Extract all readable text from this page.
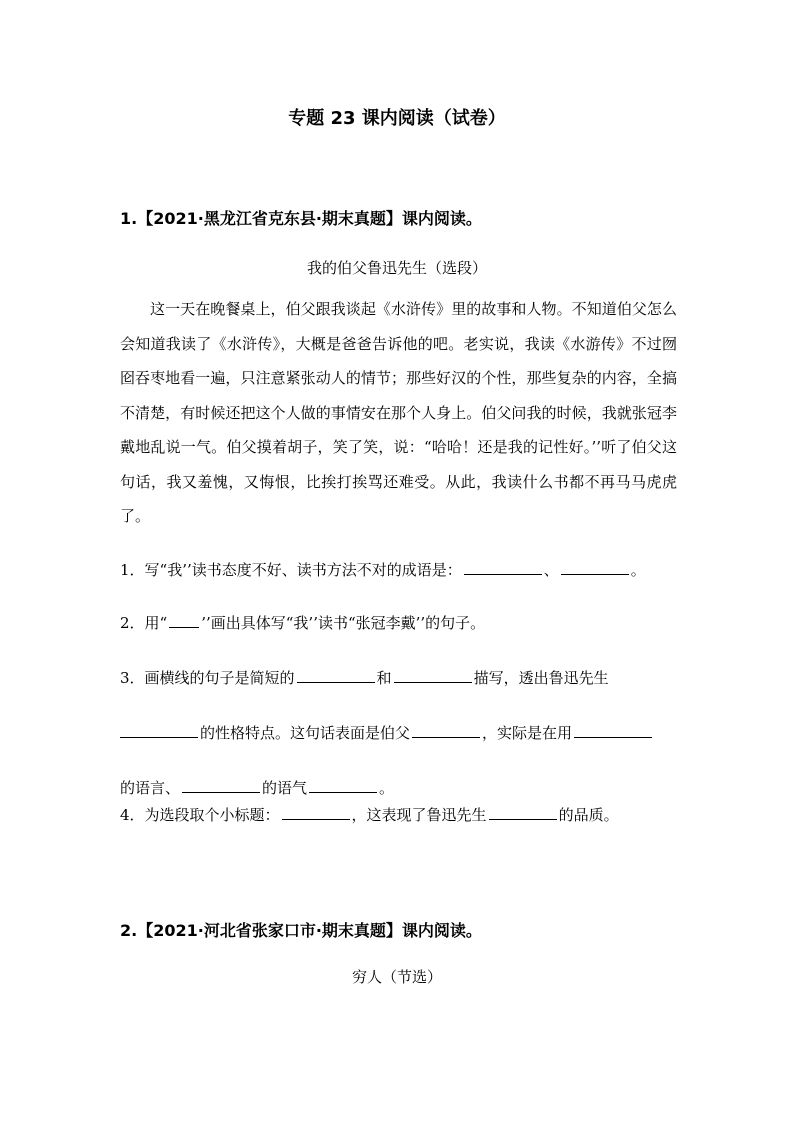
专题 23 课内阅读（试卷）
1.【2021·黑龙江省克东县·期末真题】课内阅读。
我的伯父鲁迅先生（选段）
这一天在晚餐桌上，伯父跟我谈起《水浒传》里的故事和人物。不知道伯父怎么会知道我读了《水浒传》，大概是爸爸告诉他的吧。老实说，我读《水游传》不过囫囵吞枣地看一遍，只注意紧张动人的情节；那些好汉的个性，那些复杂的内容，全搞不清楚，有时候还把这个人做的事情安在那个人身上。伯父问我的时候，我就张冠李戴地乱说一气。伯父摸着胡子，笑了笑，说：“哈哈！还是我的记性好。’’听了伯父这句话，我又羞愧，又悔恨，比挨打挨骂还难受。从此，我读什么书都不再马马虎虎了。
1．写“我’’读书态度不好、读书方法不对的成语是：	、	。
2．用“ ’’画出具体写“我’’读书“张冠李戴’’的句子。
3．画横线的句子是简短的	和	描写，透出鲁迅先生
的性格特点。这句话表面是伯父	，实际是在用
的语言、	的语气	。
4．为选段取个小标题：	，这表现了鲁迅先生	的品质。
2.【2021·河北省张家口市·期末真题】课内阅读。
穷人（节选）
